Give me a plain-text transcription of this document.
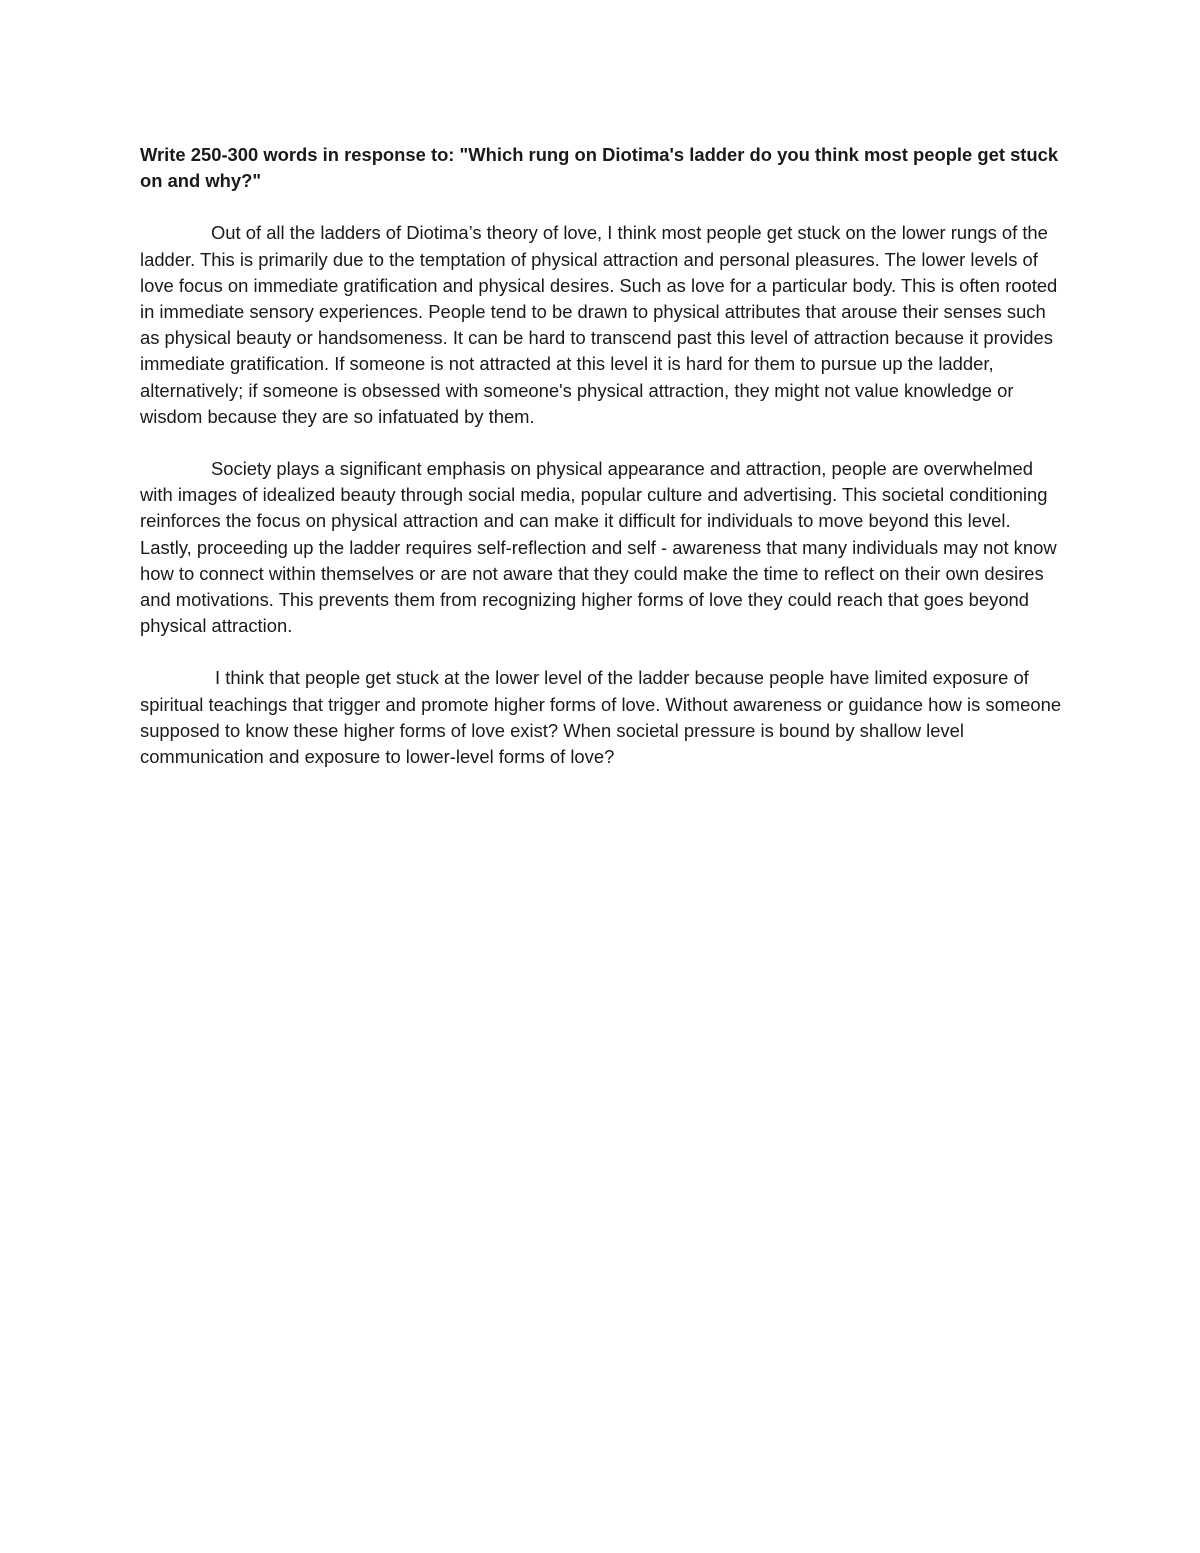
Write 250-300 words in response to: "Which rung on Diotima's ladder do you think most people get stuck on and why?"

Out of all the ladders of Diotima’s theory of love, I think most people get stuck on the lower rungs of the ladder. This is primarily due to the temptation of physical attraction and personal pleasures. The lower levels of love focus on immediate gratification and physical desires. Such as love for a particular body. This is often rooted in immediate sensory experiences. People tend to be drawn to physical attributes that arouse their senses such as physical beauty or handsomeness. It can be hard to transcend past this level of attraction because it provides immediate gratification. If someone is not attracted at this level it is hard for them to pursue up the ladder, alternatively; if someone is obsessed with someone's physical attraction, they might not value knowledge or wisdom because they are so infatuated by them.

Society plays a significant emphasis on physical appearance and attraction, people are overwhelmed with images of idealized beauty through social media, popular culture and advertising. This societal conditioning reinforces the focus on physical attraction and can make it difficult for individuals to move beyond this level. Lastly, proceeding up the ladder requires self-reflection and self - awareness that many individuals may not know how to connect within themselves or are not aware that they could make the time to reflect on their own desires and motivations. This prevents them from recognizing higher forms of love they could reach that goes beyond physical attraction.

I think that people get stuck at the lower level of the ladder because people have limited exposure of spiritual teachings that trigger and promote higher forms of love. Without awareness or guidance how is someone supposed to know these higher forms of love exist? When societal pressure is bound by shallow level communication and exposure to lower-level forms of love?
